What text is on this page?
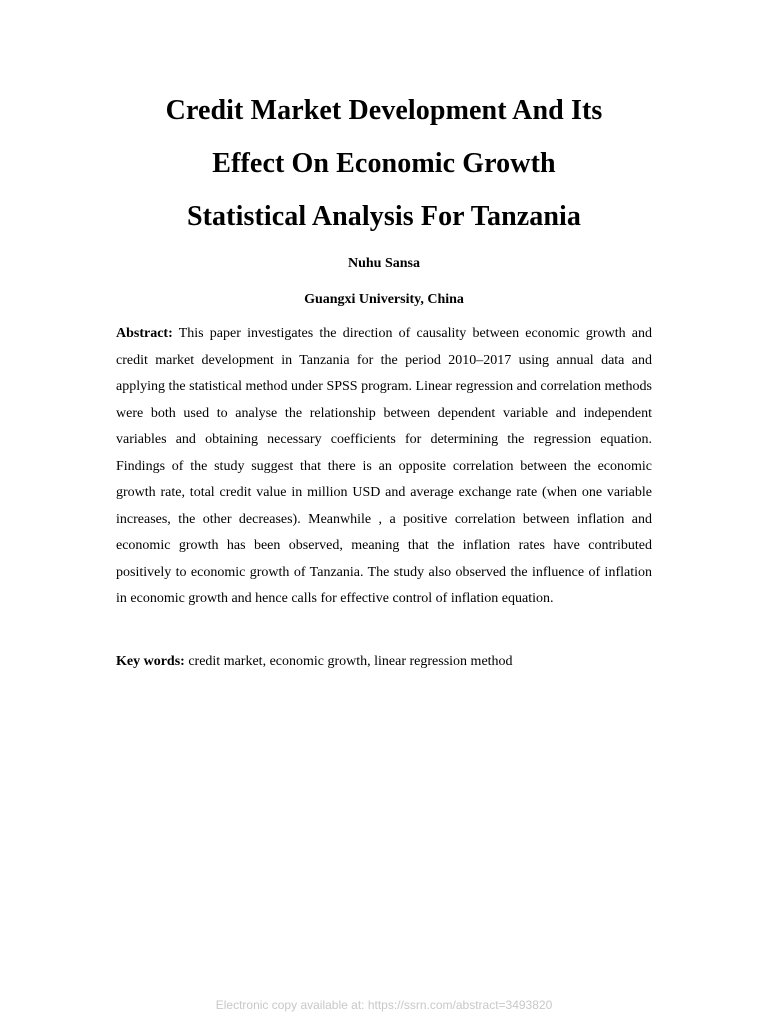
Credit Market Development And Its
Effect On Economic Growth
Statistical Analysis For Tanzania
Nuhu Sansa
Guangxi University, China

Abstract: This paper investigates the direction of causality between economic growth and credit market development in Tanzania for the period 2010–2017 using annual data and applying the statistical method under SPSS program. Linear regression and correlation methods were both used to analyse the relationship between dependent variable and independent variables and obtaining necessary coefficients for determining the regression equation. Findings of the study suggest that there is an opposite correlation between the economic growth rate, total credit value in million USD and average exchange rate (when one variable increases, the other decreases). Meanwhile , a positive correlation between inflation and economic growth has been observed, meaning that the inflation rates have contributed positively to economic growth of Tanzania. The study also observed the influence of inflation in economic growth and hence calls for effective control of inflation equation.

Key words: credit market, economic growth, linear regression method

Electronic copy available at: https://ssrn.com/abstract=3493820
